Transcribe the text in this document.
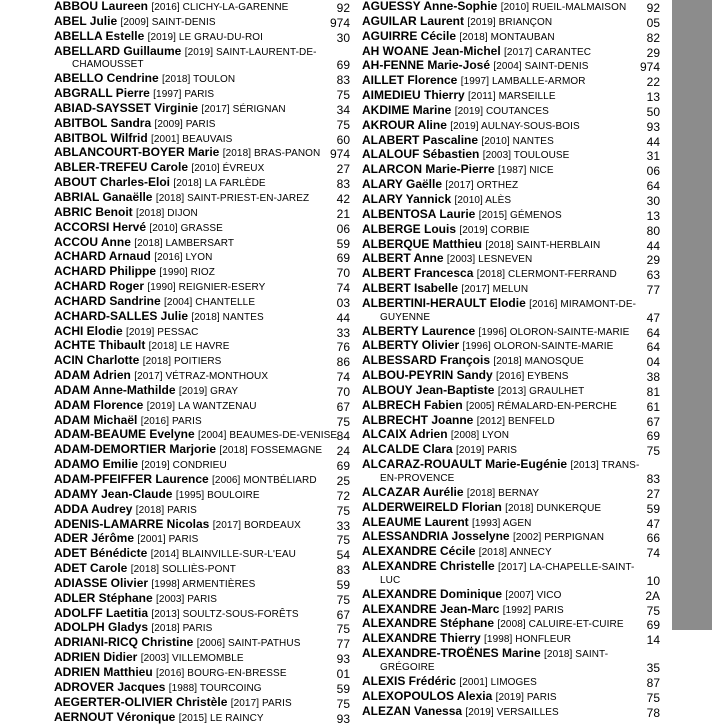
ABBOU Laureen [2016] CLICHY-LA-GARENNE	92
ABEL Julie [2009] SAINT-DENIS	974
ABELLA Estelle [2019] LE GRAU-DU-ROI	30
ABELLARD Guillaume [2019] SAINT-LAURENT-DE-
CHAMOUSSET	69
ABELLO Cendrine [2018] TOULON	83
ABGRALL Pierre [1997] PARIS	75
ABIAD-SAYSSET Virginie [2017] SÉRIGNAN	34
ABITBOL Sandra [2009] PARIS	75
ABITBOL Wilfrid [2001] BEAUVAIS	60
ABLANCOURT-BOYER Marie [2018] BRAS-PANON 974
ABLER-TREFEU Carole [2010] ÉVREUX	27
ABOUT Charles-Eloi [2018] LA FARLÈDE	83
ABRIAL Ganaëlle [2018] SAINT-PRIEST-EN-JAREZ 42
ABRIC Benoit [2018] DIJON	21
ACCORSI Hervé [2010] GRASSE	06
ACCOU Anne [2018] LAMBERSART	59
ACHARD Arnaud [2016] LYON	69
ACHARD Philippe [1990] RIOZ	70
ACHARD Roger [1990] REIGNIER-ESERY	74
ACHARD Sandrine [2004] CHANTELLE	03
ACHARD-SALLES Julie [2018] NANTES	44
ACHI Elodie [2019] PESSAC	33
ACHTE Thibault [2018] LE HAVRE	76
ACIN Charlotte [2018] POITIERS	86
ADAM Adrien [2017] VÉTRAZ-MONTHOUX	74
ADAM Anne-Mathilde [2019] GRAY	70
ADAM Florence [2019] LA WANTZENAU	67
ADAM Michaël [2016] PARIS	75
ADAM-BEAUME Evelyne [2004] BEAUMES-DE-VENISE 84
ADAM-DEMORTIER Marjorie [2018] FOSSEMAGNE 24
ADAMO Emilie [2019] CONDRIEU	69
ADAM-PFEIFFER Laurence [2006] MONTBÉLIARD 25
ADAMY Jean-Claude [1995] BOULOIRE	72
ADDA Audrey [2018] PARIS	75
ADENIS-LAMARRE Nicolas [2017] BORDEAUX	33
ADER Jérôme [2001] PARIS	75
ADET Bénédicte [2014] BLAINVILLE-SUR-L'EAU	54
ADET Carole [2018] SOLLIÈS-PONT	83
ADIASSE Olivier [1998] ARMENTIÈRES	59
ADLER Stéphane [2003] PARIS	75
ADOLFF Laetitia [2013] SOULTZ-SOUS-FORÊTS	67
ADOLPH Gladys [2018] PARIS	75
ADRIANI-RICQ Christine [2006] SAINT-PATHUS	77
ADRIEN Didier [2003] VILLEMOMBLE	93
ADRIEN Matthieu [2016] BOURG-EN-BRESSE	01
ADROVER Jacques [1988] TOURCOING	59
AEGERTER-OLIVIER Christèle [2017] PARIS	75
AERNOUT Véronique [2015] LE RAINCY	93
AGUESSY Anne-Sophie [2010] RUEIL-MALMAISON 92
AGUILAR Laurent [2019] BRIANÇON	05
AGUIRRE Cécile [2018] MONTAUBAN	82
AH WOANE Jean-Michel [2017] CARANTEC	29
AH-FENNE Marie-José [2004] SAINT-DENIS	974
AILLET Florence [1997] LAMBALLE-ARMOR	22
AIMEDIEU Thierry [2011] MARSEILLE	13
AKDIME Marine [2019] COUTANCES	50
AKROUR Aline [2019] AULNAY-SOUS-BOIS	93
ALABERT Pascaline [2010] NANTES	44
ALALOUF Sébastien [2003] TOULOUSE	31
ALARCON Marie-Pierre [1987] NICE	06
ALARY Gaëlle [2017] ORTHEZ	64
ALARY Yannick [2010] ALÈS	30
ALBENTOSA Laurie [2015] GÉMENOS	13
ALBERGE Louis [2019] CORBIE	80
ALBERQUE Matthieu [2018] SAINT-HERBLAIN	44
ALBERT Anne [2003] LESNEVEN	29
ALBERT Francesca [2018] CLERMONT-FERRAND 63
ALBERT Isabelle [2017] MELUN	77
ALBERTINI-HERAULT Elodie [2016] MIRAMONT-DE-
GUYENNE	47
ALBERTY Laurence [1996] OLORON-SAINTE-MARIE 64
ALBERTY Olivier [1996] OLORON-SAINTE-MARIE	64
ALBESSARD François [2018] MANOSQUE	04
ALBOU-PEYRIN Sandy [2016] EYBENS	38
ALBOUY Jean-Baptiste [2013] GRAULHET	81
ALBRECH Fabien [2005] RÉMALARD-EN-PERCHE 61
ALBRECHT Joanne [2012] BENFELD	67
ALCAIX Adrien [2008] LYON	69
ALCALDE Clara [2019] PARIS	75
ALCARAZ-ROUAULT Marie-Eugénie [2013] TRANS-
EN-PROVENCE	83
ALCAZAR Aurélie [2018] BERNAY	27
ALDERWEIRELD Florian [2018] DUNKERQUE	59
ALEAUME Laurent [1993] AGEN	47
ALESSANDRIA Josselyne [2002] PERPIGNAN	66
ALEXANDRE Cécile [2018] ANNECY	74
ALEXANDRE Christelle [2017] LA-CHAPELLE-SAINT-
LUC	10
ALEXANDRE Dominique [2007] VICO	2A
ALEXANDRE Jean-Marc [1992] PARIS	75
ALEXANDRE Stéphane [2008] CALUIRE-ET-CUIRE 69
ALEXANDRE Thierry [1998] HONFLEUR	14
ALEXANDRE-TROËNES Marine [2018] SAINT-
GRÉGOIRE	35
ALEXIS Frédéric [2001] LIMOGES	87
ALEXOPOULOS Alexia [2019] PARIS	75
ALEZAN Vanessa [2019] VERSAILLES	78
